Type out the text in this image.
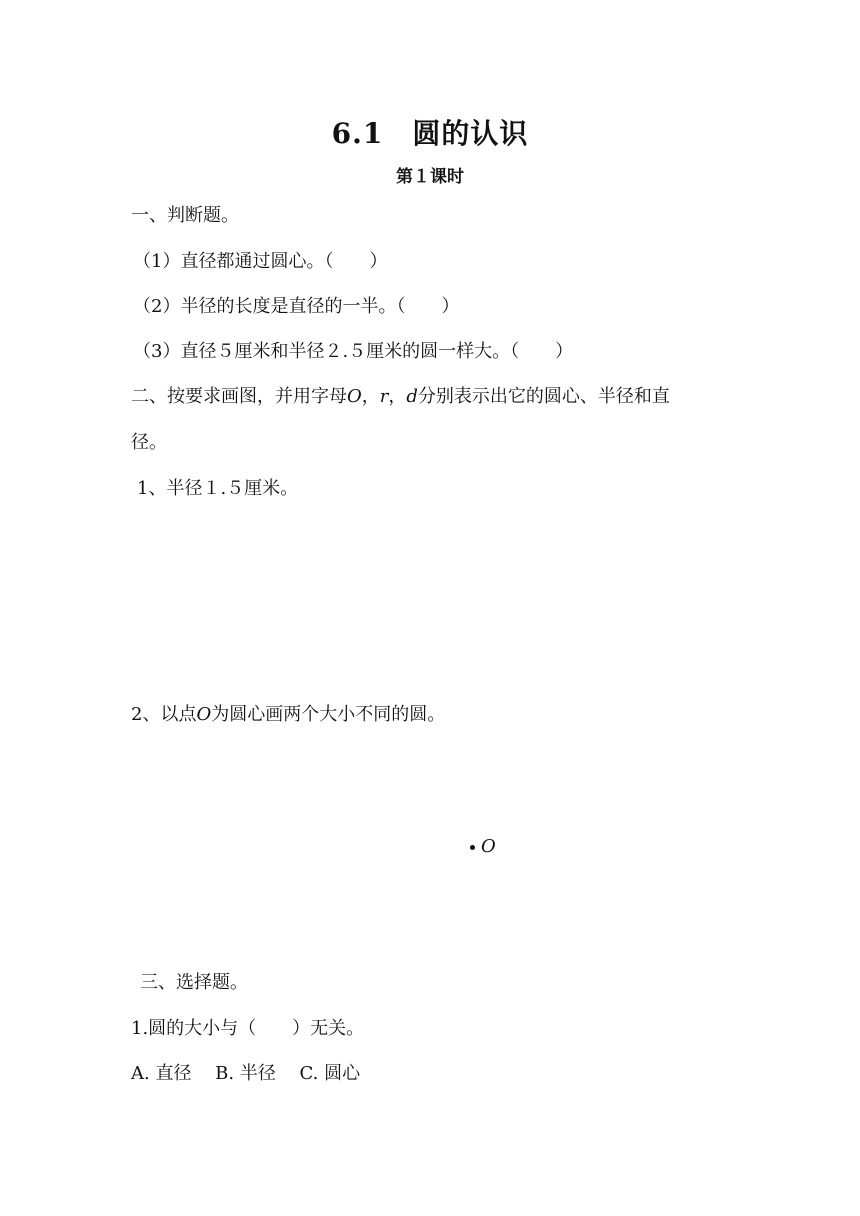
6.1　圆的认识
第１课时
一、判断题。
（1）直径都通过圆心。（　　）
（2）半径的长度是直径的一半。（　　）
（3）直径５厘米和半径２.５厘米的圆一样大。（　　）
二、按要求画图，并用字母O，r，d分别表示出它的圆心、半径和直
径。
1、半径１.５厘米。
2、以点O为圆心画两个大小不同的圆。
O
三、选择题。
1.圆的大小与（　　）无关。
A. 直径　 B. 半径　 C. 圆心
